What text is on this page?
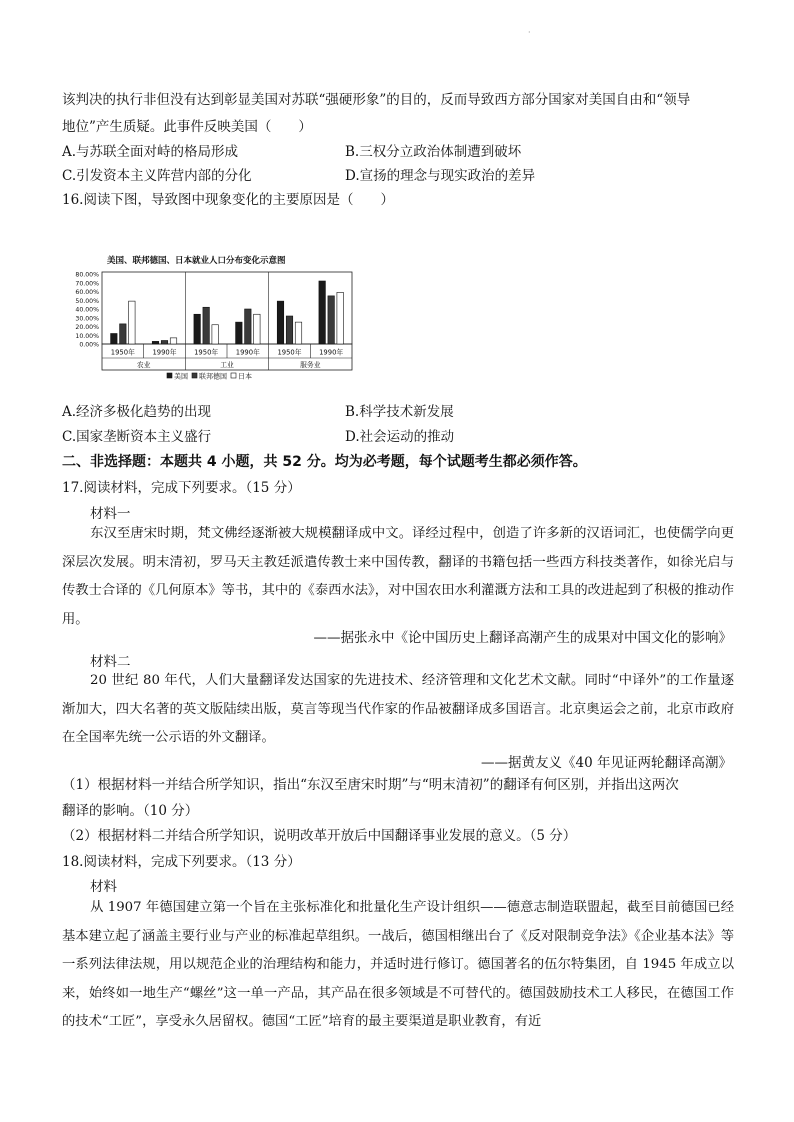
·
该判决的执行非但没有达到彰显美国对苏联“强硬形象”的目的，反而导致西方部分国家对美国自由和“领导
地位”产生质疑。此事件反映美国（　　）
A.与苏联全面对峙的格局形成	B.三权分立政治体制遭到破坏
C.引发资本主义阵营内部的分化	D.宣扬的理念与现实政治的差异
16.阅读下图，导致图中现象变化的主要原因是（　　）
美国、联邦德国、日本就业人口分布变化示意图
0.00%
10.00%
20.00%
30.00%
40.00%
50.00%
60.00%
70.00%
80.00%
1950年	1990年	1950年	1990年	1950年	1990年
农业	工业	服务业
美国 联邦德国 日本
A.经济多极化趋势的出现	B.科学技术新发展
C.国家垄断资本主义盛行	D.社会运动的推动
二、非选择题：本题共 4 小题，共 52 分。均为必考题，每个试题考生都必须作答。
17.阅读材料，完成下列要求。（15 分）
材料一
东汉至唐宋时期，梵文佛经逐渐被大规模翻译成中文。译经过程中，创造了许多新的汉语词汇，也使儒学向更深层次发展。明末清初，罗马天主教廷派遣传教士来中国传教，翻译的书籍包括一些西方科技类著作，如徐光启与传教士合译的《几何原本》等书，其中的《泰西水法》，对中国农田水利灌溉方法和工具的改进起到了积极的推动作用。
——据张永中《论中国历史上翻译高潮产生的成果对中国文化的影响》
材料二
20 世纪 80 年代，人们大量翻译发达国家的先进技术、经济管理和文化艺术文献。同时“中译外”的工作量逐渐加大，四大名著的英文版陆续出版，莫言等现当代作家的作品被翻译成多国语言。北京奥运会之前，北京市政府在全国率先统一公示语的外文翻译。
——据黄友义《40 年见证两轮翻译高潮》
（1）根据材料一并结合所学知识，指出“东汉至唐宋时期”与“明末清初”的翻译有何区别，并指出这两次
翻译的影响。（10 分）
（2）根据材料二并结合所学知识，说明改革开放后中国翻译事业发展的意义。（5 分）
18.阅读材料，完成下列要求。（13 分）
材料
从 1907 年德国建立第一个旨在主张标准化和批量化生产设计组织——德意志制造联盟起，截至目前德国已经基本建立起了涵盖主要行业与产业的标准起草组织。一战后，德国相继出台了《反对限制竞争法》《企业基本法》等一系列法律法规，用以规范企业的治理结构和能力，并适时进行修订。德国著名的伍尔特集团，自 1945 年成立以来，始终如一地生产“螺丝”这一单一产品，其产品在很多领域是不可替代的。德国鼓励技术工人移民，在德国工作的技术“工匠”，享受永久居留权。德国“工匠”培育的最主要渠道是职业教育，有近
